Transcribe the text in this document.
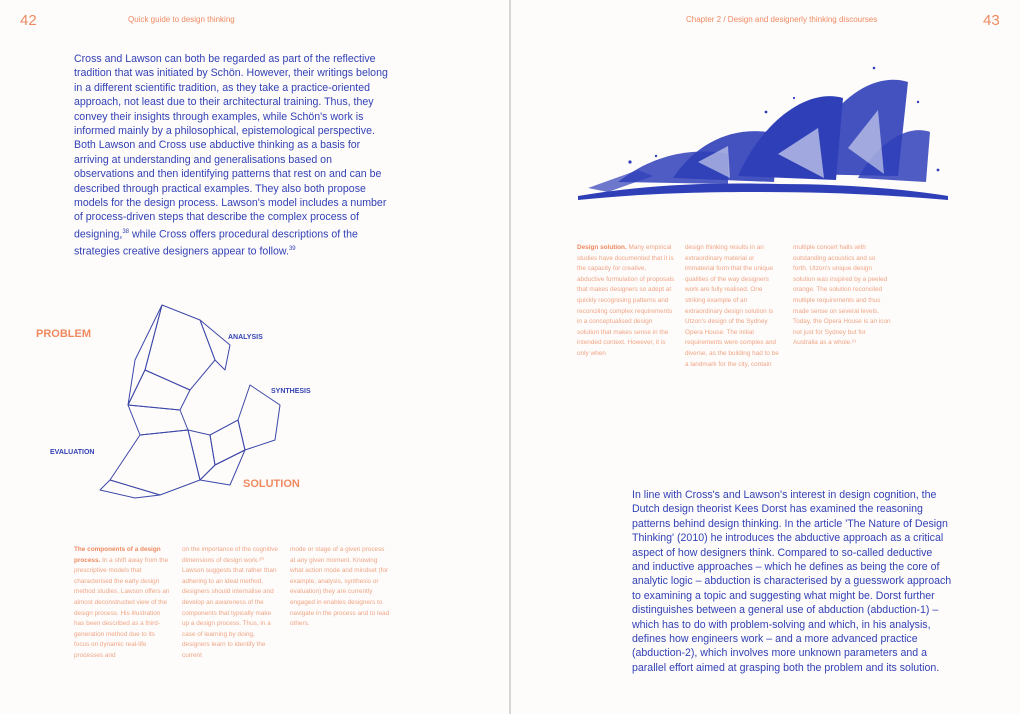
42	Quick guide to design thinking

Cross and Lawson can both be regarded as part of the reflective tradition that was initiated by Schön. However, their writings belong in a different scientific tradition, as they take a practice-oriented approach, not least due to their architectural training. Thus, they convey their insights through examples, while Schön's work is informed mainly by a philosophical, epistemological perspective. Both Lawson and Cross use abductive thinking as a basis for arriving at understanding and generalisations based on observations and then identifying patterns that rest on and can be described through practical examples. They also both propose models for the design process. Lawson's model includes a number of process-driven steps that describe the complex process of designing,$^{38}$ while Cross offers procedural descriptions of the strategies creative designers appear to follow.$^{39}$

PROBLEM	ANALYSIS
SYNTHESIS
EVALUATION
SOLUTION

The components of a design process. In a shift away from the prescriptive models that characterised the early design method studies, Lawson offers an almost deconstructed view of the design process. His illustration has been described as a third-generation method due to its focus on dynamic real-life processes and

on the importance of the cognitive dimensions of design work.²⁰ Lawson suggests that rather than adhering to an ideal method, designers should internalise and develop an awareness of the components that typically make up a design process. Thus, in a case of learning by doing, designers learn to identify the current

mode or stage of a given process at any given moment. Knowing what action mode and mindset (for example, analysis, synthesis or evaluation) they are currently engaged in enables designers to navigate in the process and to lead others.

Chapter 2 / Design and designerly thinking discourses	43

Design solution. Many empirical studies have documented that it is the capacity for creative, abductive formulation of proposals that makes designers so adept at quickly recognising patterns and reconciling complex requirements in a conceptualised design solution that makes sense in the intended context. However, it is only when

design thinking results in an extraordinary material or immaterial form that the unique qualities of the way designers work are fully realised. One striking example of an extraordinary design solution is Utzon's design of the Sydney Opera House. The initial requirements were complex and diverse, as the building had to be a landmark for the city, contain

multiple concert halls with outstanding acoustics and so forth. Utzon's unique design solution was inspired by a peeled orange. The solution reconciled multiple requirements and thus made sense on several levels. Today, the Opera House is an icon not just for Sydney but for Australia as a whole.²¹

In line with Cross's and Lawson's interest in design cognition, the Dutch design theorist Kees Dorst has examined the reasoning patterns behind design thinking. In the article 'The Nature of Design Thinking' (2010) he introduces the abductive approach as a critical aspect of how designers think. Compared to so-called deductive and inductive approaches – which he defines as being the core of analytic logic – abduction is characterised by a guesswork approach to examining a topic and suggesting what might be. Dorst further distinguishes between a general use of abduction (abduction-1) – which has to do with problem-solving and which, in his analysis, defines how engineers work – and a more advanced practice (abduction-2), which involves more unknown parameters and a parallel effort aimed at grasping both the problem and its solution.
